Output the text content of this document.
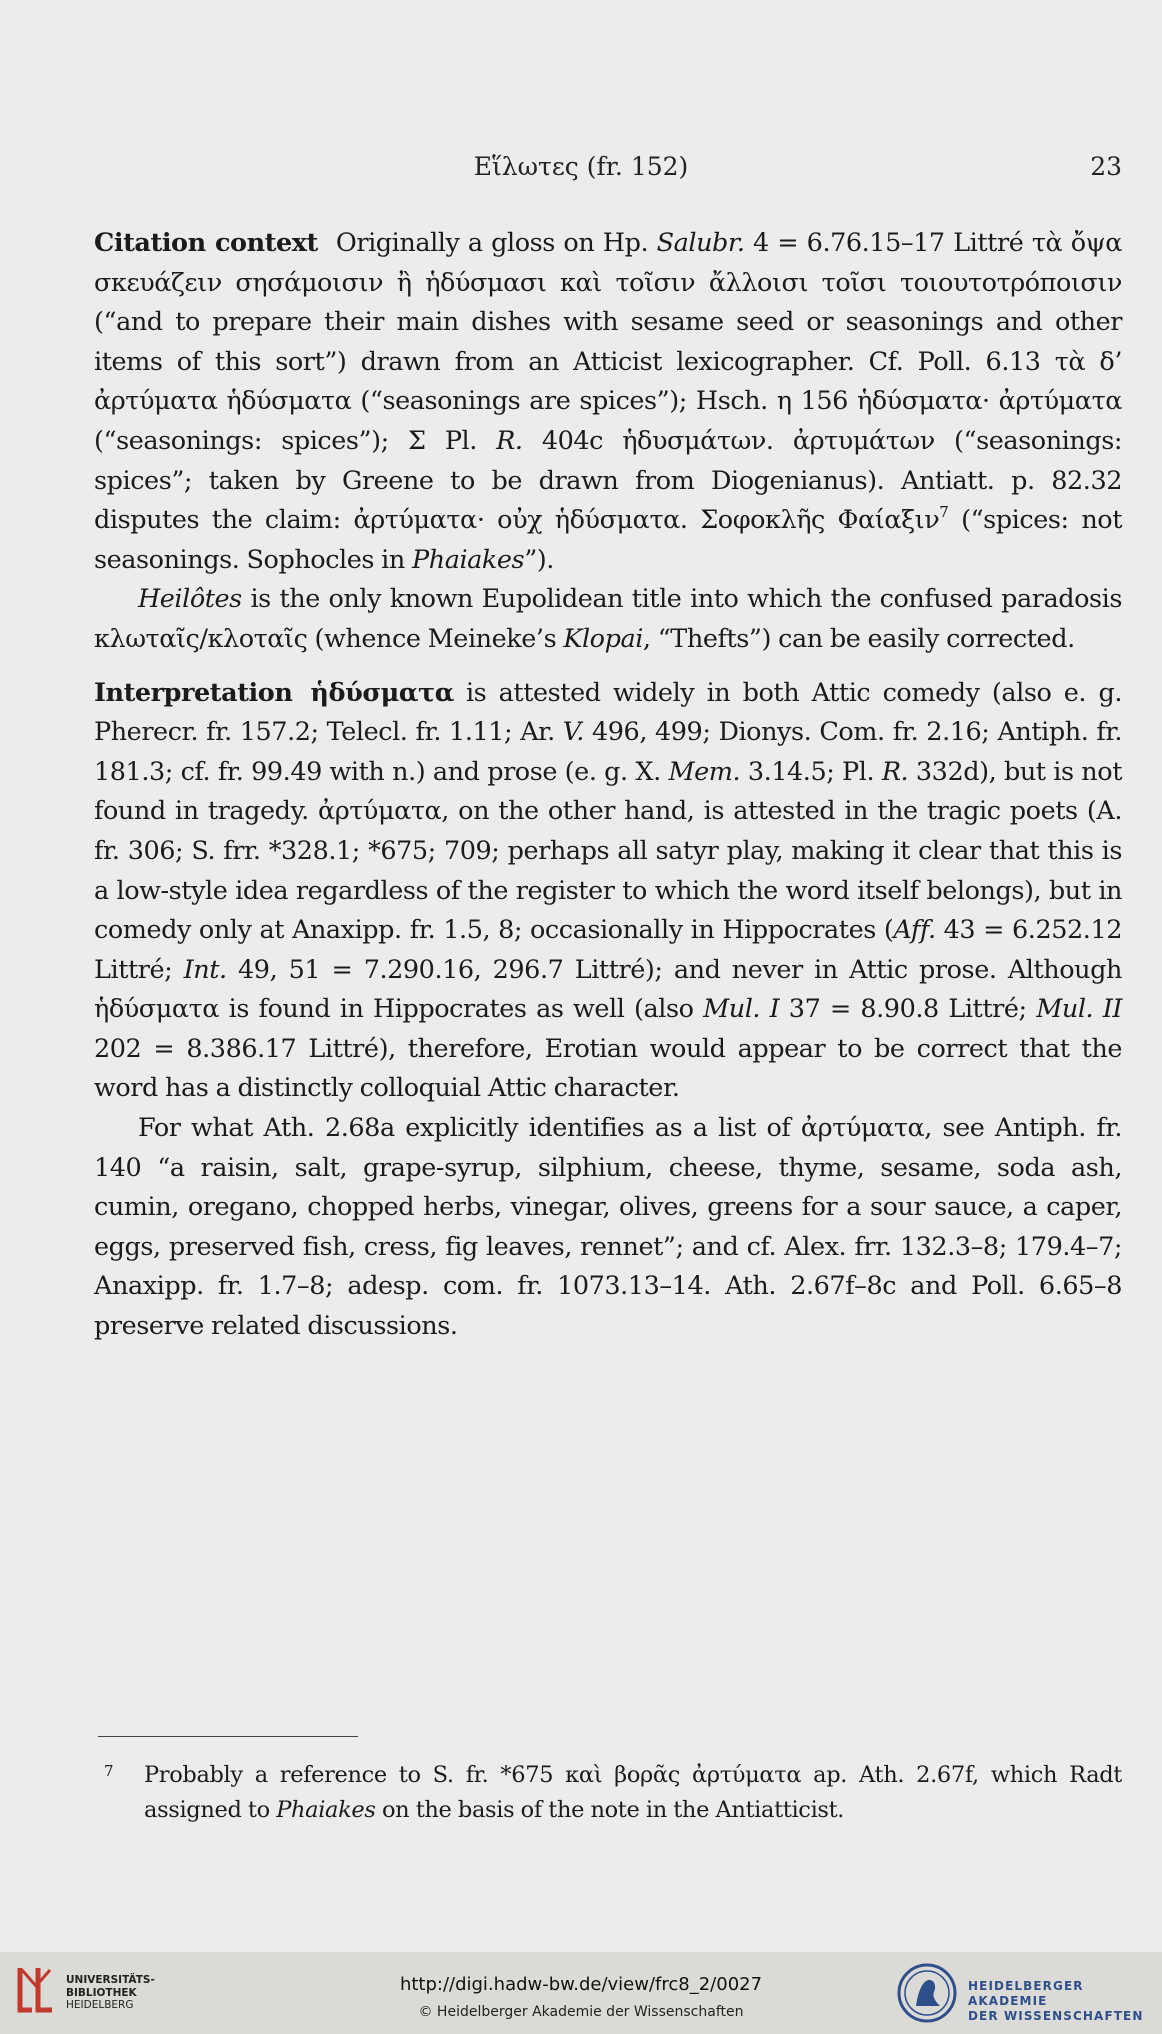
Εἵλωτες (fr. 152)	23

Citation context Originally a gloss on Hp. Salubr. 4 = 6.76.15–17 Littré τὰ ὄψα σκευάζειν σησάμοισιν ἢ ἡδύσμασι καὶ τοῖσιν ἄλλοισι τοῖσι τοιουτοτρόποισιν (“and to prepare their main dishes with sesame seed or seasonings and other items of this sort”) drawn from an Atticist lexicographer. Cf. Poll. 6.13 τὰ δ’ ἀρτύματα ἡδύσματα (“seasonings are spices”); Hsch. η 156 ἡδύσματα· ἀρτύματα (“seasonings: spices”); Σ Pl. R. 404c ἡδυσμάτων. ἀρτυμάτων (“seasonings: spices”; taken by Greene to be drawn from Diogenianus). Antiatt. p. 82.32 disputes the claim: ἀρτύματα· οὐχ ἡδύσματα. Σοφοκλῆς Φαίαξιν$^7$ (“spices: not seasonings. Sophocles in Phaiakes”).

Heilôtes is the only known Eupolidean title into which the confused paradosis κλωταῖς/κλοταῖς (whence Meineke’s Klopai, “Thefts”) can be easily corrected.

Interpretation ἡδύσματα is attested widely in both Attic comedy (also e. g. Pherecr. fr. 157.2; Telecl. fr. 1.11; Ar. V. 496, 499; Dionys. Com. fr. 2.16; Antiph. fr. 181.3; cf. fr. 99.49 with n.) and prose (e. g. X. Mem. 3.14.5; Pl. R. 332d), but is not found in tragedy. ἀρτύματα, on the other hand, is attested in the tragic poets (A. fr. 306; S. frr. *328.1; *675; 709; perhaps all satyr play, making it clear that this is a low-style idea regardless of the register to which the word itself belongs), but in comedy only at Anaxipp. fr. 1.5, 8; occasionally in Hippocrates (Aff. 43 = 6.252.12 Littré; Int. 49, 51 = 7.290.16, 296.7 Littré); and never in Attic prose. Although ἡδύσματα is found in Hippocrates as well (also Mul. I 37 = 8.90.8 Littré; Mul. II 202 = 8.386.17 Littré), therefore, Erotian would appear to be correct that the word has a distinctly colloquial Attic character.

For what Ath. 2.68a explicitly identifies as a list of ἀρτύματα, see Antiph. fr. 140 “a raisin, salt, grape-syrup, silphium, cheese, thyme, sesame, soda ash, cumin, oregano, chopped herbs, vinegar, olives, greens for a sour sauce, a caper, eggs, preserved fish, cress, fig leaves, rennet”; and cf. Alex. frr. 132.3–8; 179.4–7; Anaxipp. fr. 1.7–8; adesp. com. fr. 1073.13–14. Ath. 2.67f–8c and Poll. 6.65–8 preserve related discussions.

7 Probably a reference to S. fr. *675 καὶ βορᾶς ἀρτύματα ap. Ath. 2.67f, which Radt assigned to Phaiakes on the basis of the note in the Antiatticist.
UNIVERSITÄTS-
BIBLIOTHEK
HEIDELBERG
http://digi.hadw-bw.de/view/frc8_2/0027
© Heidelberger Akademie der Wissenschaften
HEIDELBERGER AKADEMIE
DER WISSENSCHAFTEN
